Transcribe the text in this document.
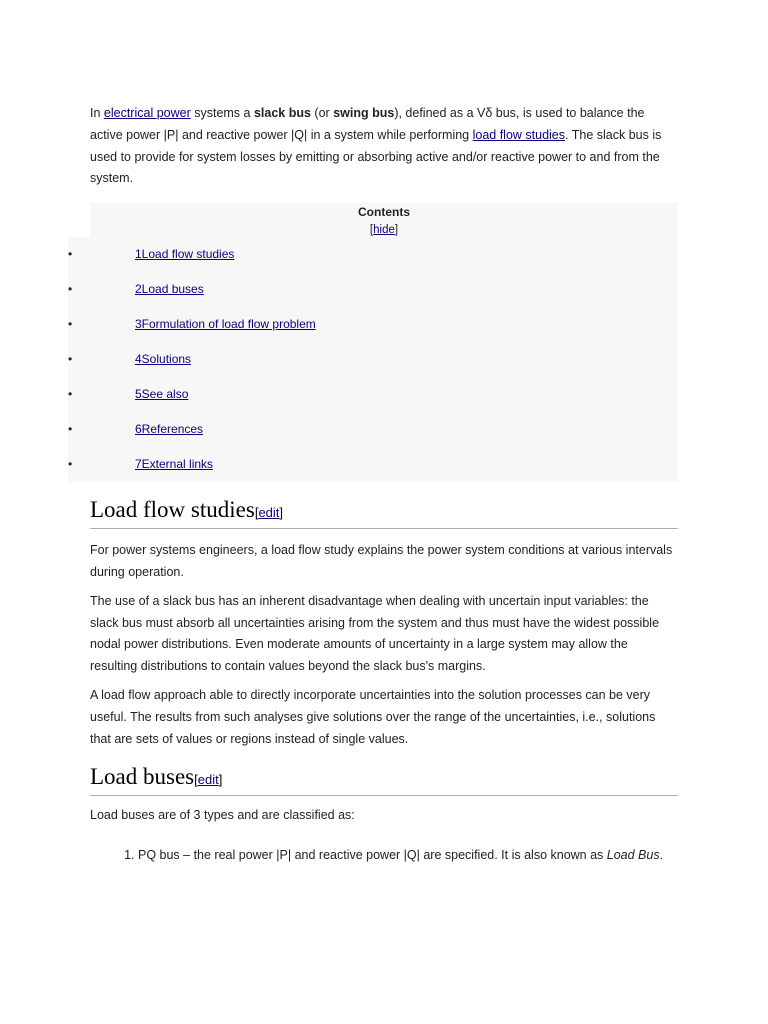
In electrical power systems a slack bus (or swing bus), defined as a Vδ bus, is used to balance the active power |P| and reactive power |Q| in a system while performing load flow studies. The slack bus is used to provide for system losses by emitting or absorbing active and/or reactive power to and from the system.

Contents
[hide]
•	1Load flow studies
•	2Load buses
•	3Formulation of load flow problem
•	4Solutions
•	5See also
•	6References
•	7External links
Load flow studies[edit]

For power systems engineers, a load flow study explains the power system conditions at various intervals during operation.

The use of a slack bus has an inherent disadvantage when dealing with uncertain input variables: the slack bus must absorb all uncertainties arising from the system and thus must have the widest possible nodal power distributions. Even moderate amounts of uncertainty in a large system may allow the resulting distributions to contain values beyond the slack bus's margins.

A load flow approach able to directly incorporate uncertainties into the solution processes can be very useful. The results from such analyses give solutions over the range of the uncertainties, i.e., solutions that are sets of values or regions instead of single values.

Load buses[edit]

Load buses are of 3 types and are classified as:

1. PQ bus – the real power |P| and reactive power |Q| are specified. It is also known as Load Bus.
